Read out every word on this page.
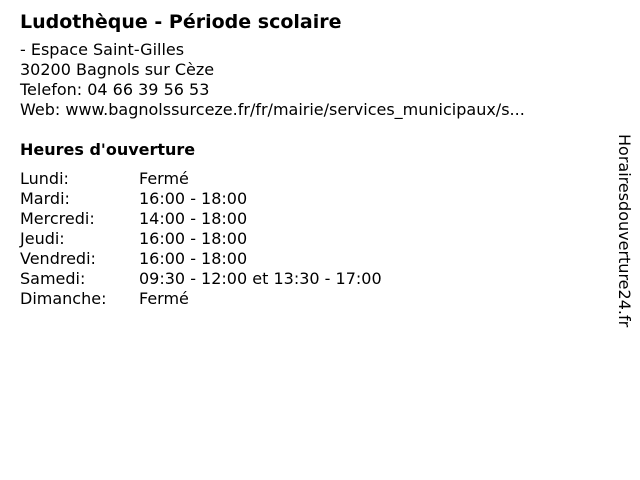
Ludothèque - Période scolaire
- Espace Saint-Gilles
30200 Bagnols sur Cèze
Telefon: 04 66 39 56 53
Web: www.bagnolssurceze.fr/fr/mairie/services_municipaux/s...
Heures d'ouverture
Lundi:	Fermé
Mardi:	16:00 - 18:00
Mercredi:	14:00 - 18:00
Jeudi:	16:00 - 18:00
Vendredi:	16:00 - 18:00
Samedi:	09:30 - 12:00 et 13:30 - 17:00
Dimanche:	Fermé	Horairesdouverture24.fr
